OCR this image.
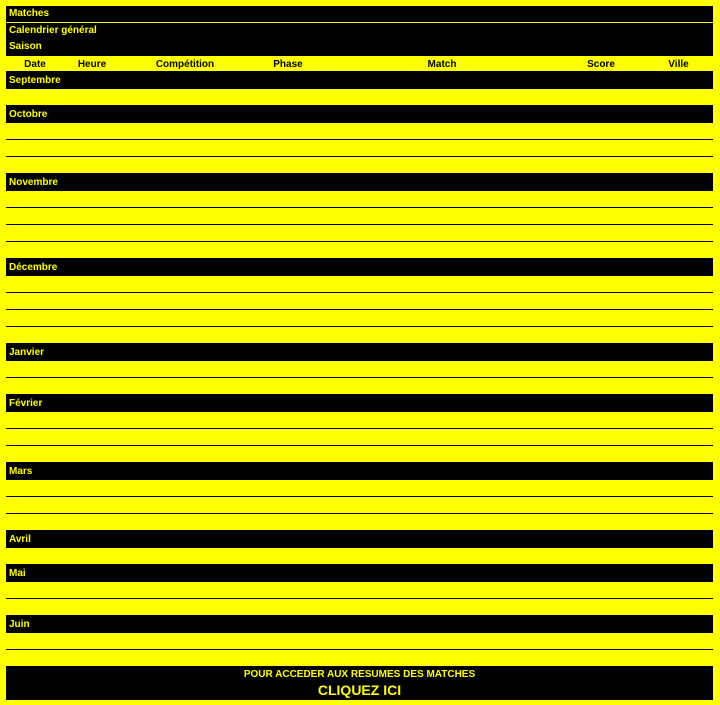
Matches
Calendrier général
Saison
Date	Heure	Compétition	Phase	Match	Score	Ville
Septembre
Octobre
Novembre
Décembre
Janvier
Février
Mars
Avril
Mai
Juin
POUR ACCEDER AUX RESUMES DES MATCHES
CLIQUEZ ICI
